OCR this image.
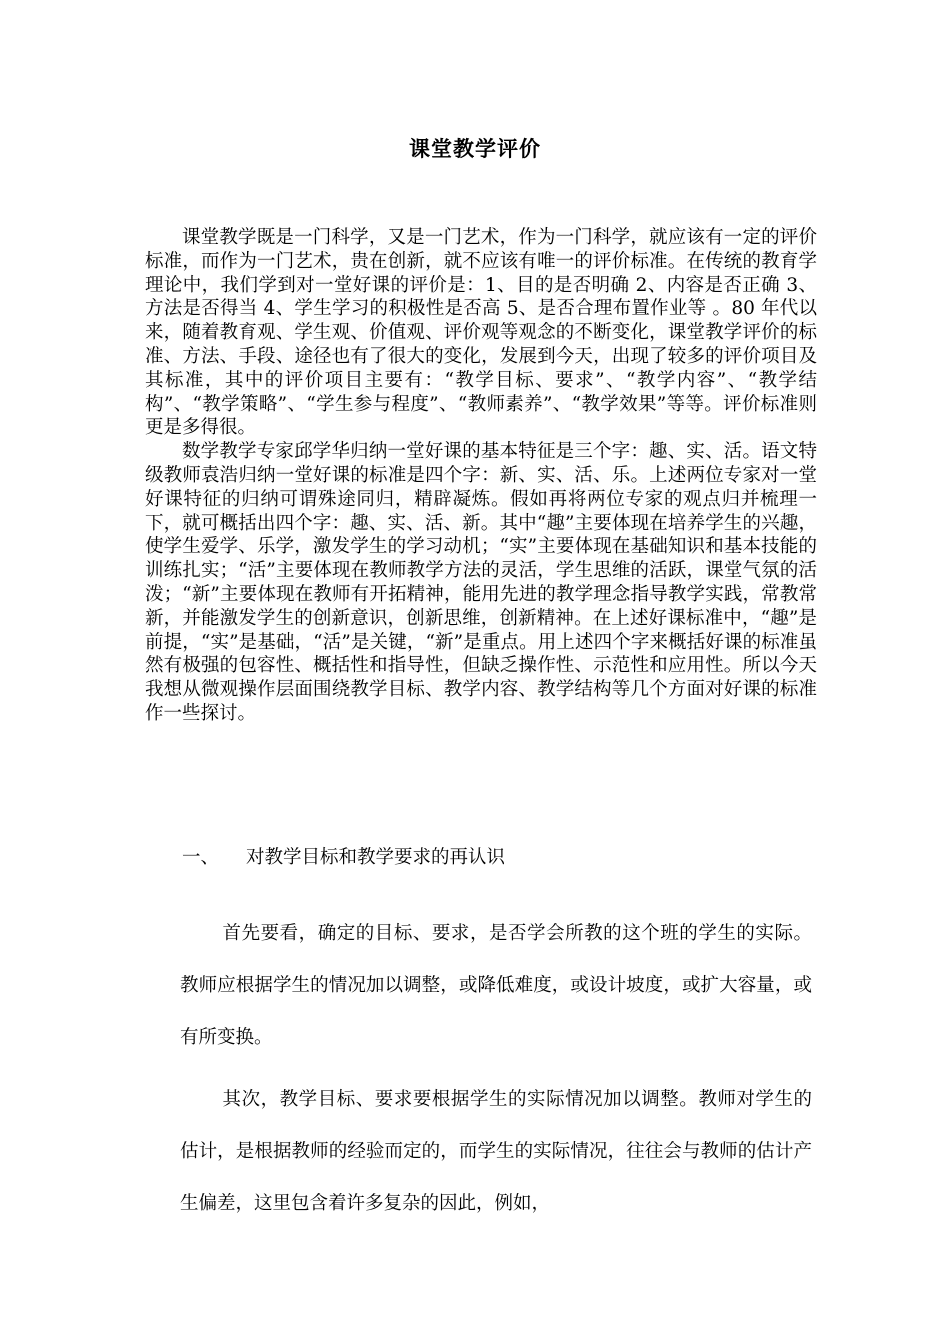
课堂教学评价

课堂教学既是一门科学，又是一门艺术，作为一门科学，就应该有一定的评价标准，而作为一门艺术，贵在创新，就不应该有唯一的评价标准。在传统的教育学理论中，我们学到对一堂好课的评价是：1、目的是否明确 2、内容是否正确 3、方法是否得当 4、学生学习的积极性是否高 5、是否合理布置作业等 。80 年代以来，随着教育观、学生观、价值观、评价观等观念的不断变化，课堂教学评价的标准、方法、手段、途径也有了很大的变化，发展到今天，出现了较多的评价项目及其标准，其中的评价项目主要有：“教学目标、要求”、“教学内容”、“教学结构”、“教学策略”、“学生参与程度”、“教师素养”、“教学效果”等等。评价标准则更是多得很。

数学教学专家邱学华归纳一堂好课的基本特征是三个字：趣、实、活。语文特级教师袁浩归纳一堂好课的标准是四个字：新、实、活、乐。上述两位专家对一堂好课特征的归纳可谓殊途同归，精辟凝炼。假如再将两位专家的观点归并梳理一下，就可概括出四个字：趣、实、活、新。其中“趣”主要体现在培养学生的兴趣，使学生爱学、乐学，激发学生的学习动机；“实”主要体现在基础知识和基本技能的训练扎实；“活”主要体现在教师教学方法的灵活，学生思维的活跃，课堂气氛的活泼；“新”主要体现在教师有开拓精神，能用先进的教学理念指导教学实践，常教常新，并能激发学生的创新意识，创新思维，创新精神。在上述好课标准中，“趣”是前提，“实”是基础，“活”是关键，“新”是重点。用上述四个字来概括好课的标准虽然有极强的包容性、概括性和指导性，但缺乏操作性、示范性和应用性。所以今天我想从微观操作层面围绕教学目标、教学内容、教学结构等几个方面对好课的标准作一些探讨。

一、 对教学目标和教学要求的再认识

首先要看，确定的目标、要求，是否学会所教的这个班的学生的实际。教师应根据学生的情况加以调整，或降低难度，或设计坡度，或扩大容量，或有所变换。

其次，教学目标、要求要根据学生的实际情况加以调整。教师对学生的估计，是根据教师的经验而定的，而学生的实际情况，往往会与教师的估计产生偏差，这里包含着许多复杂的因此，例如，
